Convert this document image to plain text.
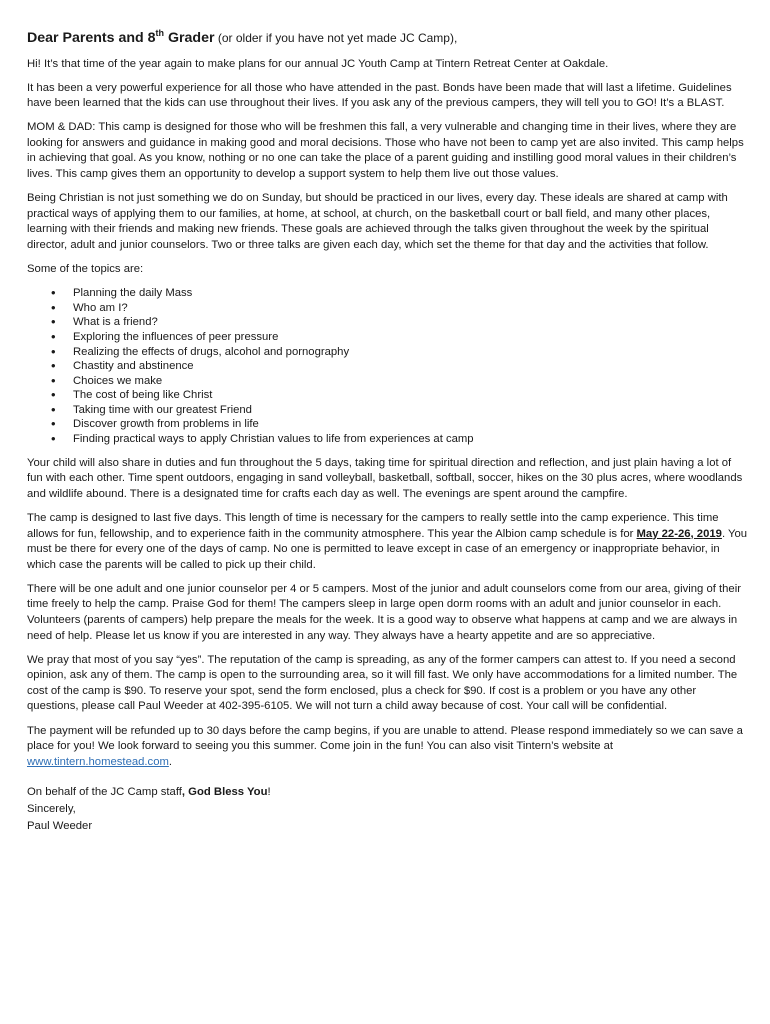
Dear Parents and 8th Grader (or older if you have not yet made JC Camp),

Hi! It’s that time of the year again to make plans for our annual JC Youth Camp at Tintern Retreat Center at Oakdale.

It has been a very powerful experience for all those who have attended in the past. Bonds have been made that will last a lifetime. Guidelines have been learned that the kids can use throughout their lives. If you ask any of the previous campers, they will tell you to GO! It’s a BLAST.

MOM & DAD: This camp is designed for those who will be freshmen this fall, a very vulnerable and changing time in their lives, where they are looking for answers and guidance in making good and moral decisions. Those who have not been to camp yet are also invited. This camp helps in achieving that goal. As you know, nothing or no one can take the place of a parent guiding and instilling good moral values in their children’s lives. This camp gives them an opportunity to develop a support system to help them live out those values.

Being Christian is not just something we do on Sunday, but should be practiced in our lives, every day. These ideals are shared at camp with practical ways of applying them to our families, at home, at school, at church, on the basketball court or ball field, and many other places, learning with their friends and making new friends. These goals are achieved through the talks given throughout the week by the spiritual director, adult and junior counselors. Two or three talks are given each day, which set the theme for that day and the activities that follow.

Some of the topics are:

• Planning the daily Mass
• Who am I?
• What is a friend?
• Exploring the influences of peer pressure
• Realizing the effects of drugs, alcohol and pornography
• Chastity and abstinence
• Choices we make
• The cost of being like Christ
• Taking time with our greatest Friend
• Discover growth from problems in life
• Finding practical ways to apply Christian values to life from experiences at camp

Your child will also share in duties and fun throughout the 5 days, taking time for spiritual direction and reflection, and just plain having a lot of fun with each other. Time spent outdoors, engaging in sand volleyball, basketball, softball, soccer, hikes on the 30 plus acres, where woodlands and wildlife abound. There is a designated time for crafts each day as well. The evenings are spent around the campfire.

The camp is designed to last five days. This length of time is necessary for the campers to really settle into the camp experience. This time allows for fun, fellowship, and to experience faith in the community atmosphere. This year the Albion camp schedule is for May 22-26, 2019. You must be there for every one of the days of camp. No one is permitted to leave except in case of an emergency or inappropriate behavior, in which case the parents will be called to pick up their child.

There will be one adult and one junior counselor per 4 or 5 campers. Most of the junior and adult counselors come from our area, giving of their time freely to help the camp. Praise God for them! The campers sleep in large open dorm rooms with an adult and junior counselor in each. Volunteers (parents of campers) help prepare the meals for the week. It is a good way to observe what happens at camp and we are always in need of help. Please let us know if you are interested in any way. They always have a hearty appetite and are so appreciative.

We pray that most of you say “yes”. The reputation of the camp is spreading, as any of the former campers can attest to. If you need a second opinion, ask any of them. The camp is open to the surrounding area, so it will fill fast. We only have accommodations for a limited number. The cost of the camp is $90. To reserve your spot, send the form enclosed, plus a check for $90. If cost is a problem or you have any other questions, please call Paul Weeder at 402-395-6105. We will not turn a child away because of cost. Your call will be confidential.

The payment will be refunded up to 30 days before the camp begins, if you are unable to attend. Please respond immediately so we can save a place for you! We look forward to seeing you this summer. Come join in the fun! You can also visit Tintern’s website at www.tintern.homestead.com.

On behalf of the JC Camp staff, God Bless You!
Sincerely,
Paul Weeder
